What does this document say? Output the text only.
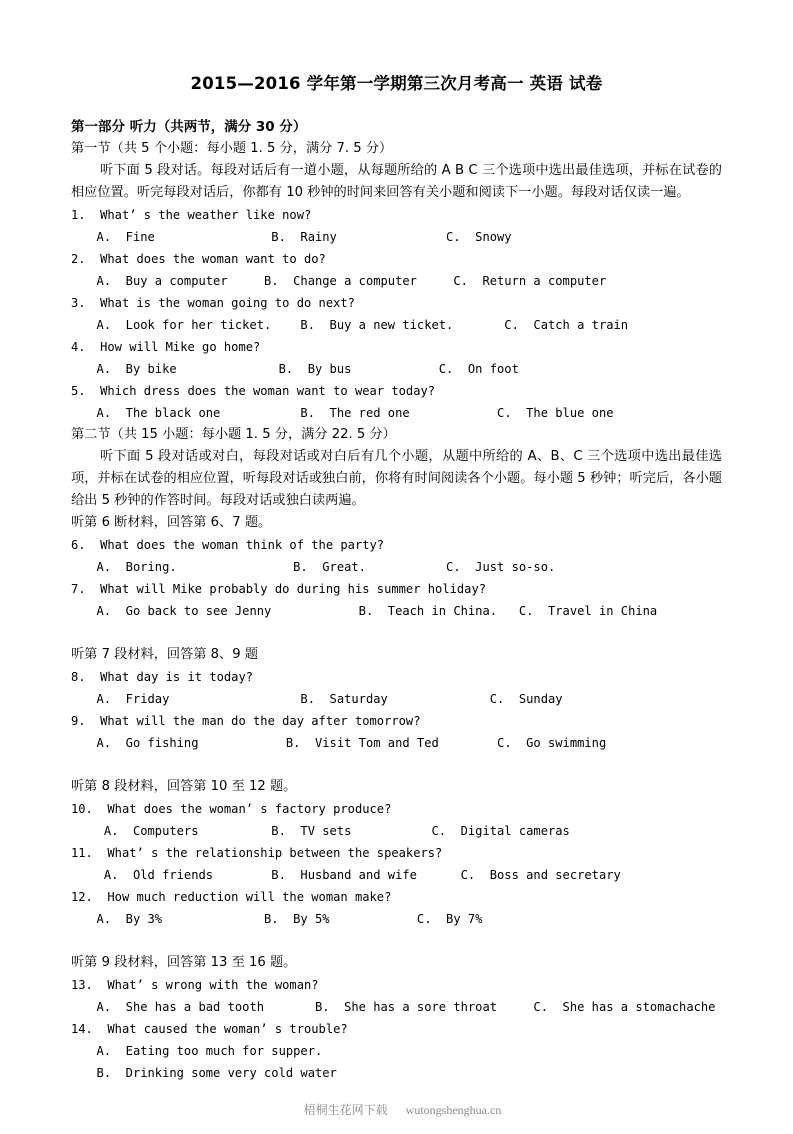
2015—2016 学年第一学期第三次月考高一 英语 试卷

第一部分 听力（共两节，满分 30 分）

第一节（共 5 个小题：每小题 1. 5 分，满分 7. 5 分）

听下面 5 段对话。每段对话后有一道小题，从每题所给的 A B C 三个选项中选出最佳选项，并标在试卷的相应位置。听完每段对话后，你都有 10 秒钟的时间来回答有关小题和阅读下一小题。每段对话仅读一遍。

1.  What’ s the weather like now?

A.  Fine                B.  Rainy               C.  Snowy

2.  What does the woman want to do?

A.  Buy a computer     B.  Change a computer     C.  Return a computer

3.  What is the woman going to do next?

A.  Look for her ticket.    B.  Buy a new ticket.       C.  Catch a train

4.  How will Mike go home?

A.  By bike              B.  By bus            C.  On foot

5.  Which dress does the woman want to wear today?

A.  The black one           B.  The red one            C.  The blue one

第二节（共 15 小题：每小题 1. 5 分，满分 22. 5 分）

听下面 5 段对话或对白，每段对话或对白后有几个小题，从题中所给的 A、B、C 三个选项中选出最佳选项，并标在试卷的相应位置，听每段对话或独白前，你将有时间阅读各个小题。每小题 5 秒钟；听完后，各小题给出 5 秒钟的作答时间。每段对话或独白读两遍。

听第 6 断材料，回答第 6、7 题。

6.  What does the woman think of the party?

A.  Boring.                B.  Great.           C.  Just so-so.

7.  What will Mike probably do during his summer holiday?

A.  Go back to see Jenny            B.  Teach in China.   C.  Travel in China

听第 7 段材料，回答第 8、9 题

8.  What day is it today?

A.  Friday                  B.  Saturday              C.  Sunday

9.  What will the man do the day after tomorrow?

A.  Go fishing            B.  Visit Tom and Ted        C.  Go swimming

听第 8 段材料，回答第 10 至 12 题。

10.  What does the woman’ s factory produce?

A.  Computers          B.  TV sets           C.  Digital cameras

11.  What’ s the relationship between the speakers?

A.  Old friends        B.  Husband and wife      C.  Boss and secretary

12.  How much reduction will the woman make?

A.  By 3%              B.  By 5%            C.  By 7%

听第 9 段材料，回答第 13 至 16 题。

13.  What’ s wrong with the woman?

A.  She has a bad tooth       B.  She has a sore throat     C.  She has a stomachache

14.  What caused the woman’ s trouble?

A.  Eating too much for supper.

B.  Drinking some very cold water

梧桐生花网下载 wutongshenghua.cn
